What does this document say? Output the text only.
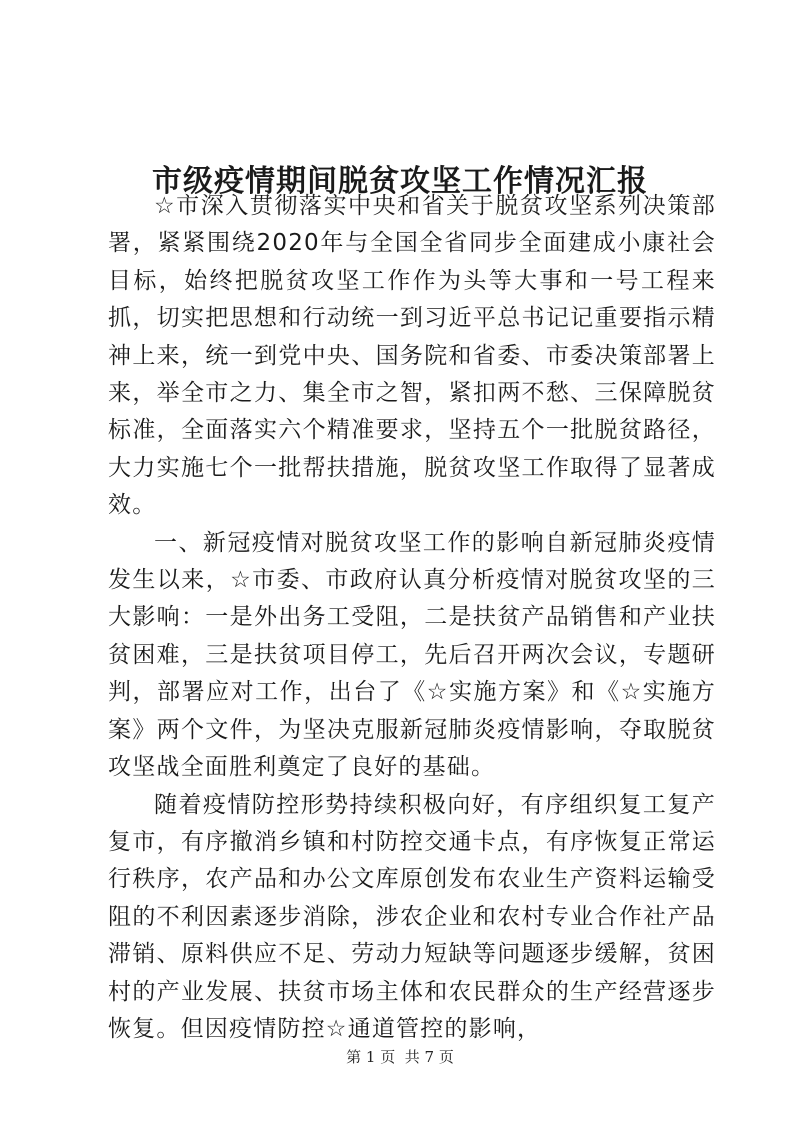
市级疫情期间脱贫攻坚工作情况汇报

☆市深入贯彻落实中央和省关于脱贫攻坚系列决策部署，紧紧围绕2020年与全国全省同步全面建成小康社会目标，始终把脱贫攻坚工作作为头等大事和一号工程来抓，切实把思想和行动统一到习近平总书记记重要指示精神上来，统一到党中央、国务院和省委、市委决策部署上来，举全市之力、集全市之智，紧扣两不愁、三保障脱贫标准，全面落实六个精准要求，坚持五个一批脱贫路径，大力实施七个一批帮扶措施，脱贫攻坚工作取得了显著成效。

一、新冠疫情对脱贫攻坚工作的影响自新冠肺炎疫情发生以来，☆市委、市政府认真分析疫情对脱贫攻坚的三大影响：一是外出务工受阻，二是扶贫产品销售和产业扶贫困难，三是扶贫项目停工，先后召开两次会议，专题研判，部署应对工作，出台了《☆实施方案》和《☆实施方案》两个文件，为坚决克服新冠肺炎疫情影响，夺取脱贫攻坚战全面胜利奠定了良好的基础。

随着疫情防控形势持续积极向好，有序组织复工复产复市，有序撤消乡镇和村防控交通卡点，有序恢复正常运行秩序，农产品和办公文库原创发布农业生产资料运输受阻的不利因素逐步消除，涉农企业和农村专业合作社产品滞销、原料供应不足、劳动力短缺等问题逐步缓解，贫困村的产业发展、扶贫市场主体和农民群众的生产经营逐步恢复。但因疫情防控☆通道管控的影响，

第 1 页 共 7 页
